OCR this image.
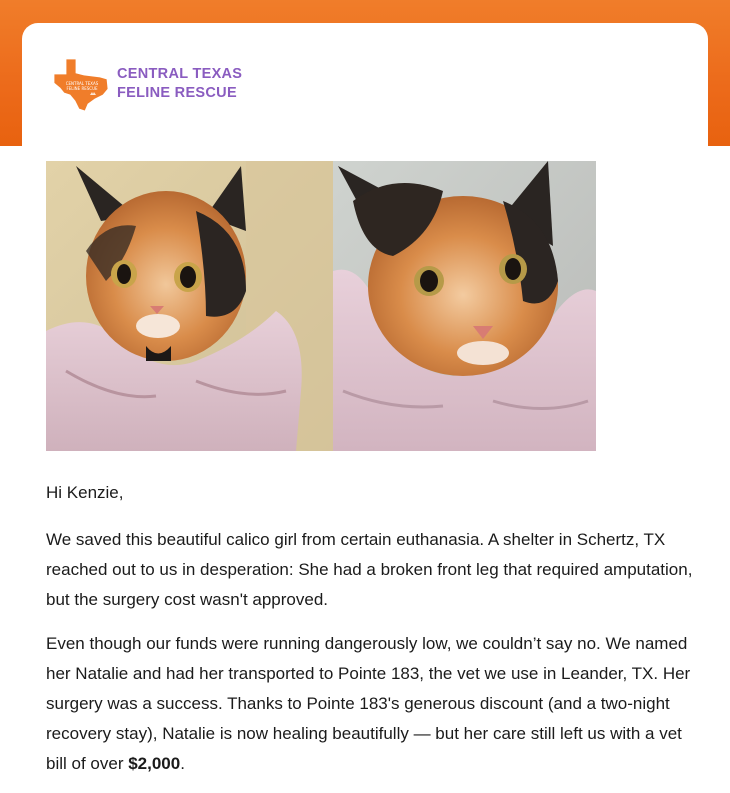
CENTRAL TEXAS
FELINE RESCUE
CENTRAL TEXAS
FELINE RESCUE

Hi Kenzie,

We saved this beautiful calico girl from certain euthanasia. A shelter in Schertz, TX reached out to us in desperation: She had a broken front leg that required amputation, but the surgery cost wasn't approved.

Even though our funds were running dangerously low, we couldn’t say no. We named her Natalie and had her transported to Pointe 183, the vet we use in Leander, TX. Her surgery was a success. Thanks to Pointe 183's generous discount (and a two-night recovery stay), Natalie is now healing beautifully — but her care still left us with a vet bill of over $2,000.
